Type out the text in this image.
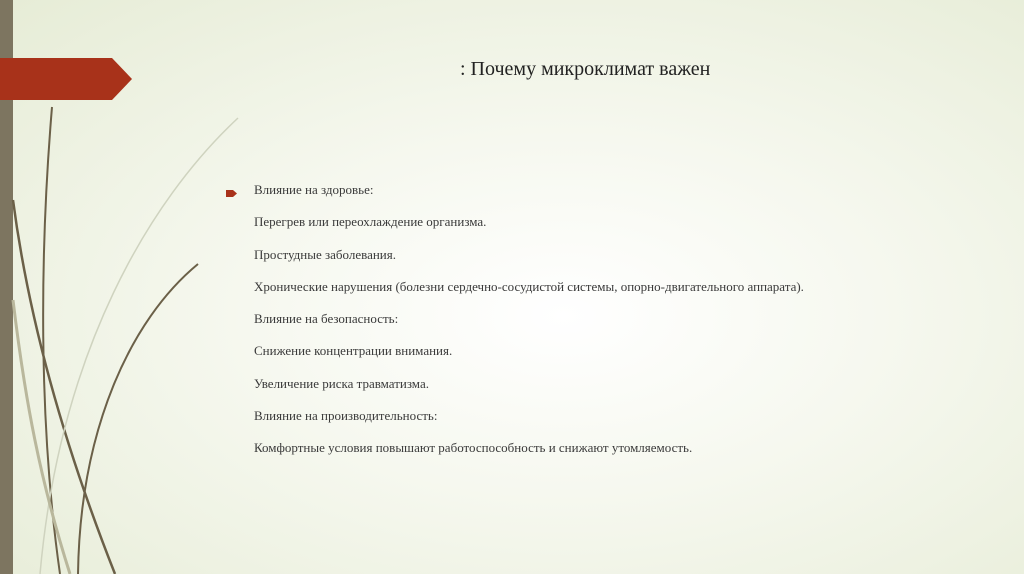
: Почему микроклимат важен
Влияние на здоровье:
Перегрев или переохлаждение организма.
Простудные заболевания.
Хронические нарушения (болезни сердечно-сосудистой системы, опорно-двигательного аппарата).
Влияние на безопасность:
Снижение концентрации внимания.
Увеличение риска травматизма.
Влияние на производительность:
Комфортные условия повышают работоспособность и снижают утомляемость.
